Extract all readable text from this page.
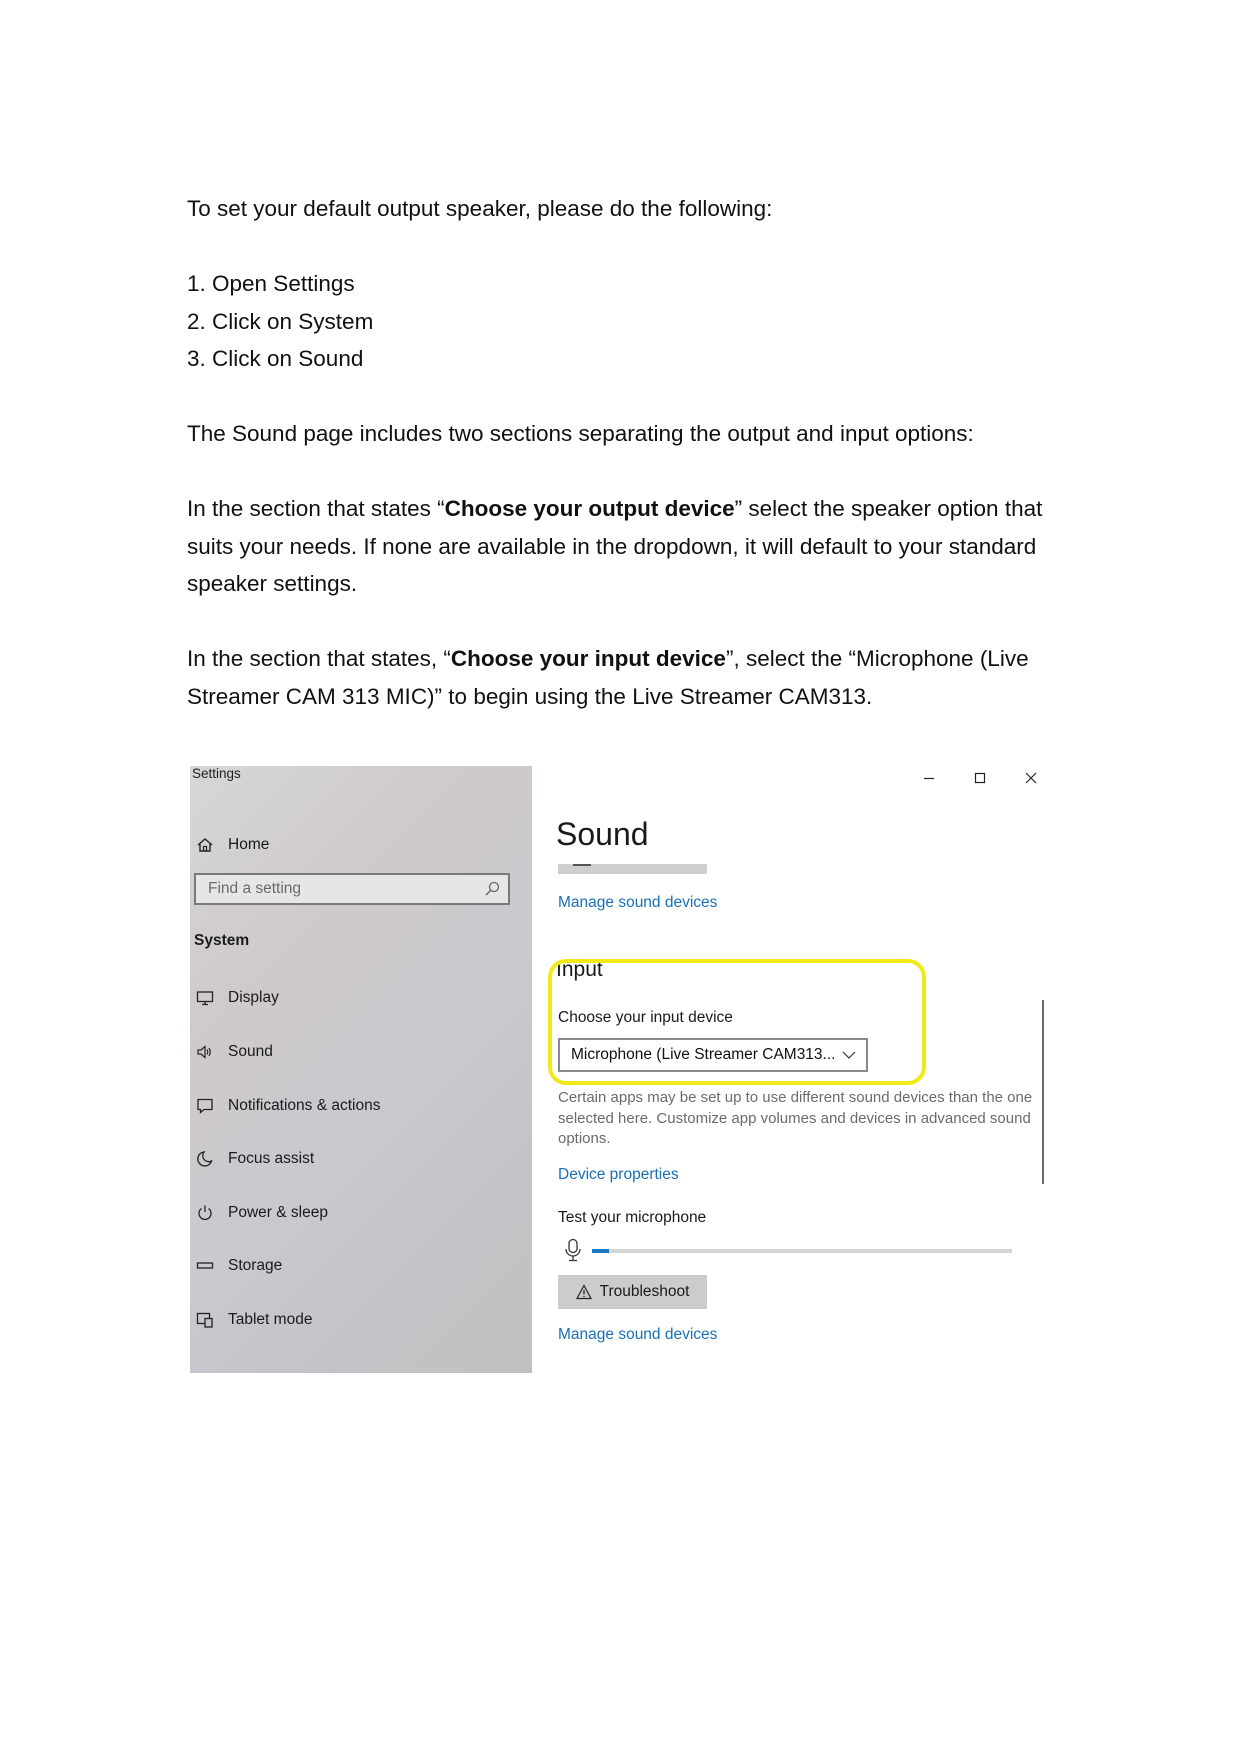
To set your default output speaker, please do the following:

1. Open Settings

2. Click on System

3. Click on Sound

The Sound page includes two sections separating the output and input options:

In the section that states “Choose your output device” select the speaker option that suits your needs. If none are available in the dropdown, it will default to your standard speaker settings.

In the section that states, “Choose your input device”, select the “Microphone (Live Streamer CAM 313 MIC)” to begin using the Live Streamer CAM313.

Settings
Home
Find a setting
System
Display
Sound
Notifications & actions
Focus assist
Power & sleep
Storage
Tablet mode
Sound
Manage sound devices
Input
Choose your input device
Microphone (Live Streamer CAM313...
Certain apps may be set up to use different sound devices than the one selected here. Customize app volumes and devices in advanced sound options.
Device properties
Test your microphone
Troubleshoot
Manage sound devices
